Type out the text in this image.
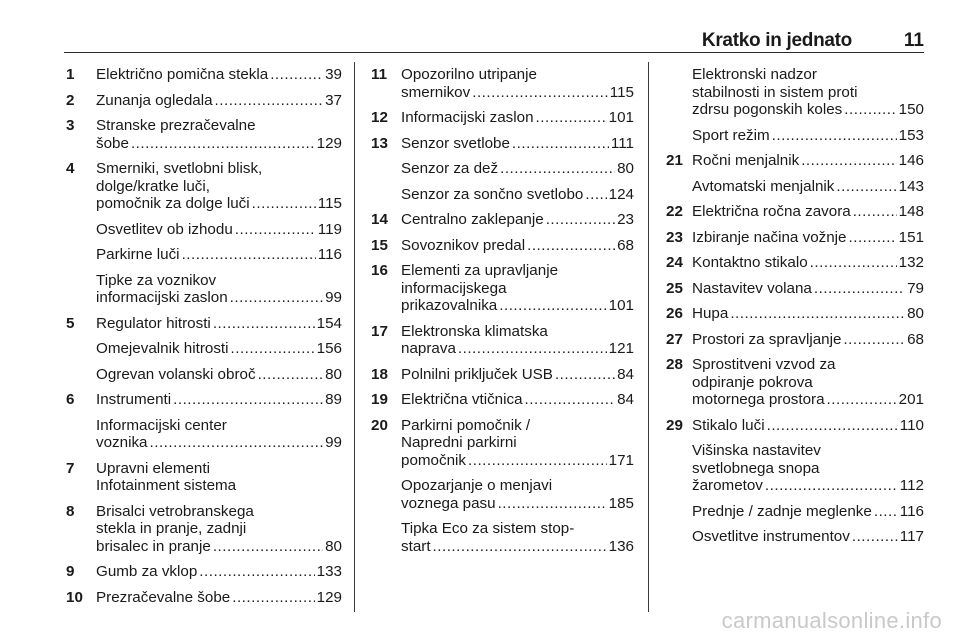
Kratko in jednato	11
1 Električno pomična stekla .....	39
2 Zunanja ogledala .....	37
3 Stranske prezračevalne
šobe .....	129
4 Smerniki, svetlobni blisk,
dolge/kratke luči,
pomočnik za dolge luči .....	115
Osvetlitev ob izhodu .....	119
Parkirne luči .....	116
Tipke za voznikov
informacijski zaslon .....	99
5 Regulator hitrosti .....	154
Omejevalnik hitrosti .....	156
Ogrevan volanski obroč .....	80
6 Instrumenti .....	89
Informacijski center
voznika .....	99
7 Upravni elementi
Infotainment sistema
8 Brisalci vetrobranskega
stekla in pranje, zadnji
brisalec in pranje .....	80
9 Gumb za vklop .....	133
10 Prezračevalne šobe .....	129
11 Opozorilno utripanje
smernikov .....	115
12 Informacijski zaslon .....	101
13 Senzor svetlobe .....	111
Senzor za dež .....	80
Senzor za sončno svetlobo ..... 124
14 Centralno zaklepanje .....	23
15 Sovoznikov predal .....	68
16 Elementi za upravljanje
informacijskega
prikazovalnika .....	101
17 Elektronska klimatska
naprava .....	121
18 Polnilni priključek USB .....	84
19 Električna vtičnica .....	84
20 Parkirni pomočnik /
Napredni parkirni
pomočnik .....	171
Opozarjanje o menjavi
voznega pasu .....	185
Tipka Eco za sistem stop-
start .....	136
Elektronski nadzor
stabilnosti in sistem proti
zdrsu pogonskih koles .....	150
Sport režim .....	153
21 Ročni menjalnik .....	146
Avtomatski menjalnik .....	143
22 Električna ročna zavora .....	148
23 Izbiranje načina vožnje .....	151
24 Kontaktno stikalo .....	132
25 Nastavitev volana .....	79
26 Hupa .....	80
27 Prostori za spravljanje .....	68
28 Sprostitveni vzvod za
odpiranje pokrova
motornega prostora .....	201
29 Stikalo luči .....	110
Višinska nastavitev
svetlobnega snopa
žarometov .....	112
Prednje / zadnje meglenke ..... 116
Osvetlitve instrumentov .....	117
carmanualsonline.info
